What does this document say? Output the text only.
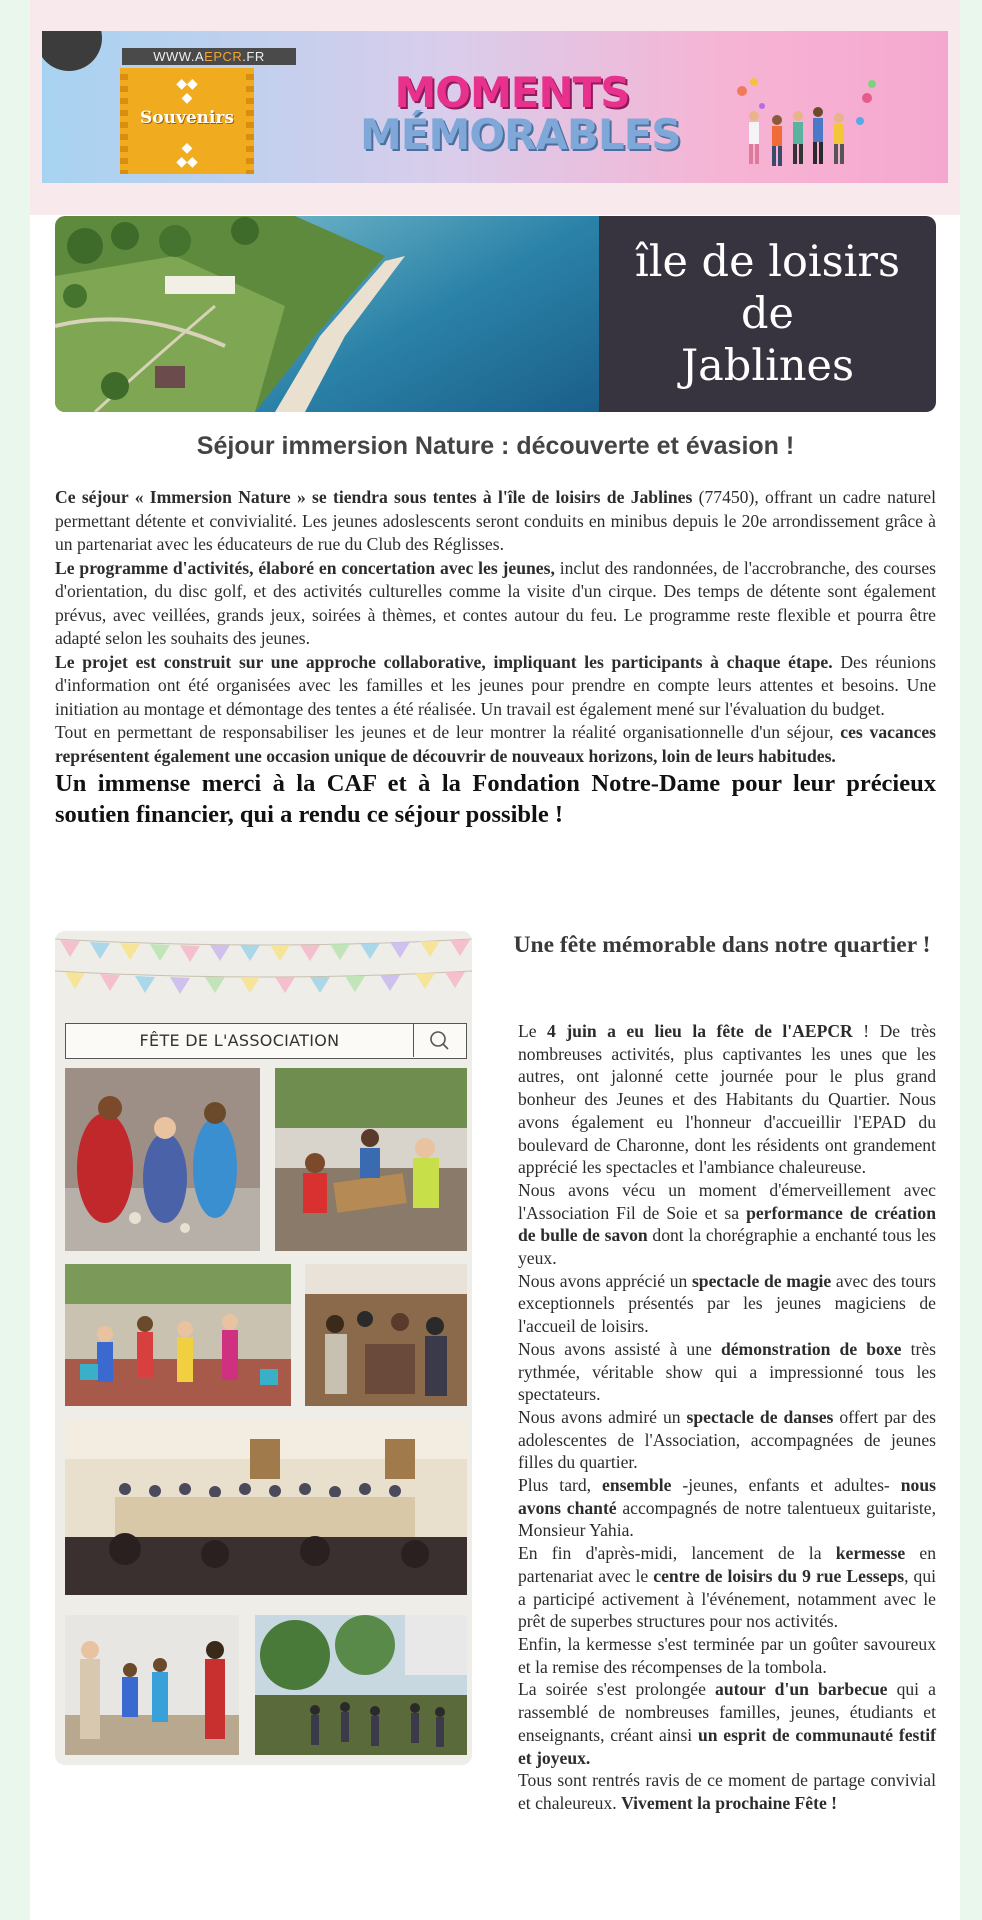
WWW.AEPCR.FR
◆◆
◆
Souvenirs
◆
◆◆
MOMENTS
MÉMORABLES
île de loisirs
de
Jablines
Séjour immersion Nature : découverte et évasion !

Ce séjour « Immersion Nature » se tiendra sous tentes à l'île de loisirs de Jablines (77450), offrant un cadre naturel permettant détente et convivialité. Les jeunes adoslescents seront conduits en minibus depuis le 20e arrondissement grâce à un partenariat avec les éducateurs de rue du Club des Réglisses.

Le programme d'activités, élaboré en concertation avec les jeunes, inclut des randonnées, de l'accrobranche, des courses d'orientation, du disc golf, et des activités culturelles comme la visite d'un cirque. Des temps de détente sont également prévus, avec veillées, grands jeux, soirées à thèmes, et contes autour du feu. Le programme reste flexible et pourra être adapté selon les souhaits des jeunes.

Le projet est construit sur une approche collaborative, impliquant les participants à chaque étape. Des réunions d'information ont été organisées avec les familles et les jeunes pour prendre en compte leurs attentes et besoins. Une initiation au montage et démontage des tentes a été réalisée. Un travail est également mené sur l'évaluation du budget.

Tout en permettant de responsabiliser les jeunes et de leur montrer la réalité organisationnelle d'un séjour, ces vacances représentent également une occasion unique de découvrir de nouveaux horizons, loin de leurs habitudes.

Un immense merci à la CAF et à la Fondation Notre-Dame pour leur précieux soutien financier, qui a rendu ce séjour possible !

FÊTE DE L'ASSOCIATION
Une fête mémorable dans notre quartier !

Le 4 juin a eu lieu la fête de l'AEPCR ! De très nombreuses activités, plus captivantes les unes que les autres, ont jalonné cette journée pour le plus grand bonheur des Jeunes et des Habitants du Quartier. Nous avons également eu l'honneur d'accueillir l'EPAD du boulevard de Charonne, dont les résidents ont grandement apprécié les spectacles et l'ambiance chaleureuse.

Nous avons vécu un moment d'émerveillement avec l'Association Fil de Soie et sa performance de création de bulle de savon dont la chorégraphie a enchanté tous les yeux.

Nous avons apprécié un spectacle de magie avec des tours exceptionnels présentés par les jeunes magiciens de l'accueil de loisirs.

Nous avons assisté à une démonstration de boxe très rythmée, véritable show qui a impressionné tous les spectateurs.

Nous avons admiré un spectacle de danses offert par des adolescentes de l'Association, accompagnées de jeunes filles du quartier.

Plus tard, ensemble -jeunes, enfants et adultes- nous avons chanté accompagnés de notre talentueux guitariste, Monsieur Yahia.

En fin d'après-midi, lancement de la kermesse en partenariat avec le centre de loisirs du 9 rue Lesseps, qui a participé activement à l'événement, notamment avec le prêt de superbes structures pour nos activités.

Enfin, la kermesse s'est terminée par un goûter savoureux et la remise des récompenses de la tombola.

La soirée s'est prolongée autour d'un barbecue qui a rassemblé de nombreuses familles, jeunes, étudiants et enseignants, créant ainsi un esprit de communauté festif et joyeux.

Tous sont rentrés ravis de ce moment de partage convivial et chaleureux. Vivement la prochaine Fête !
